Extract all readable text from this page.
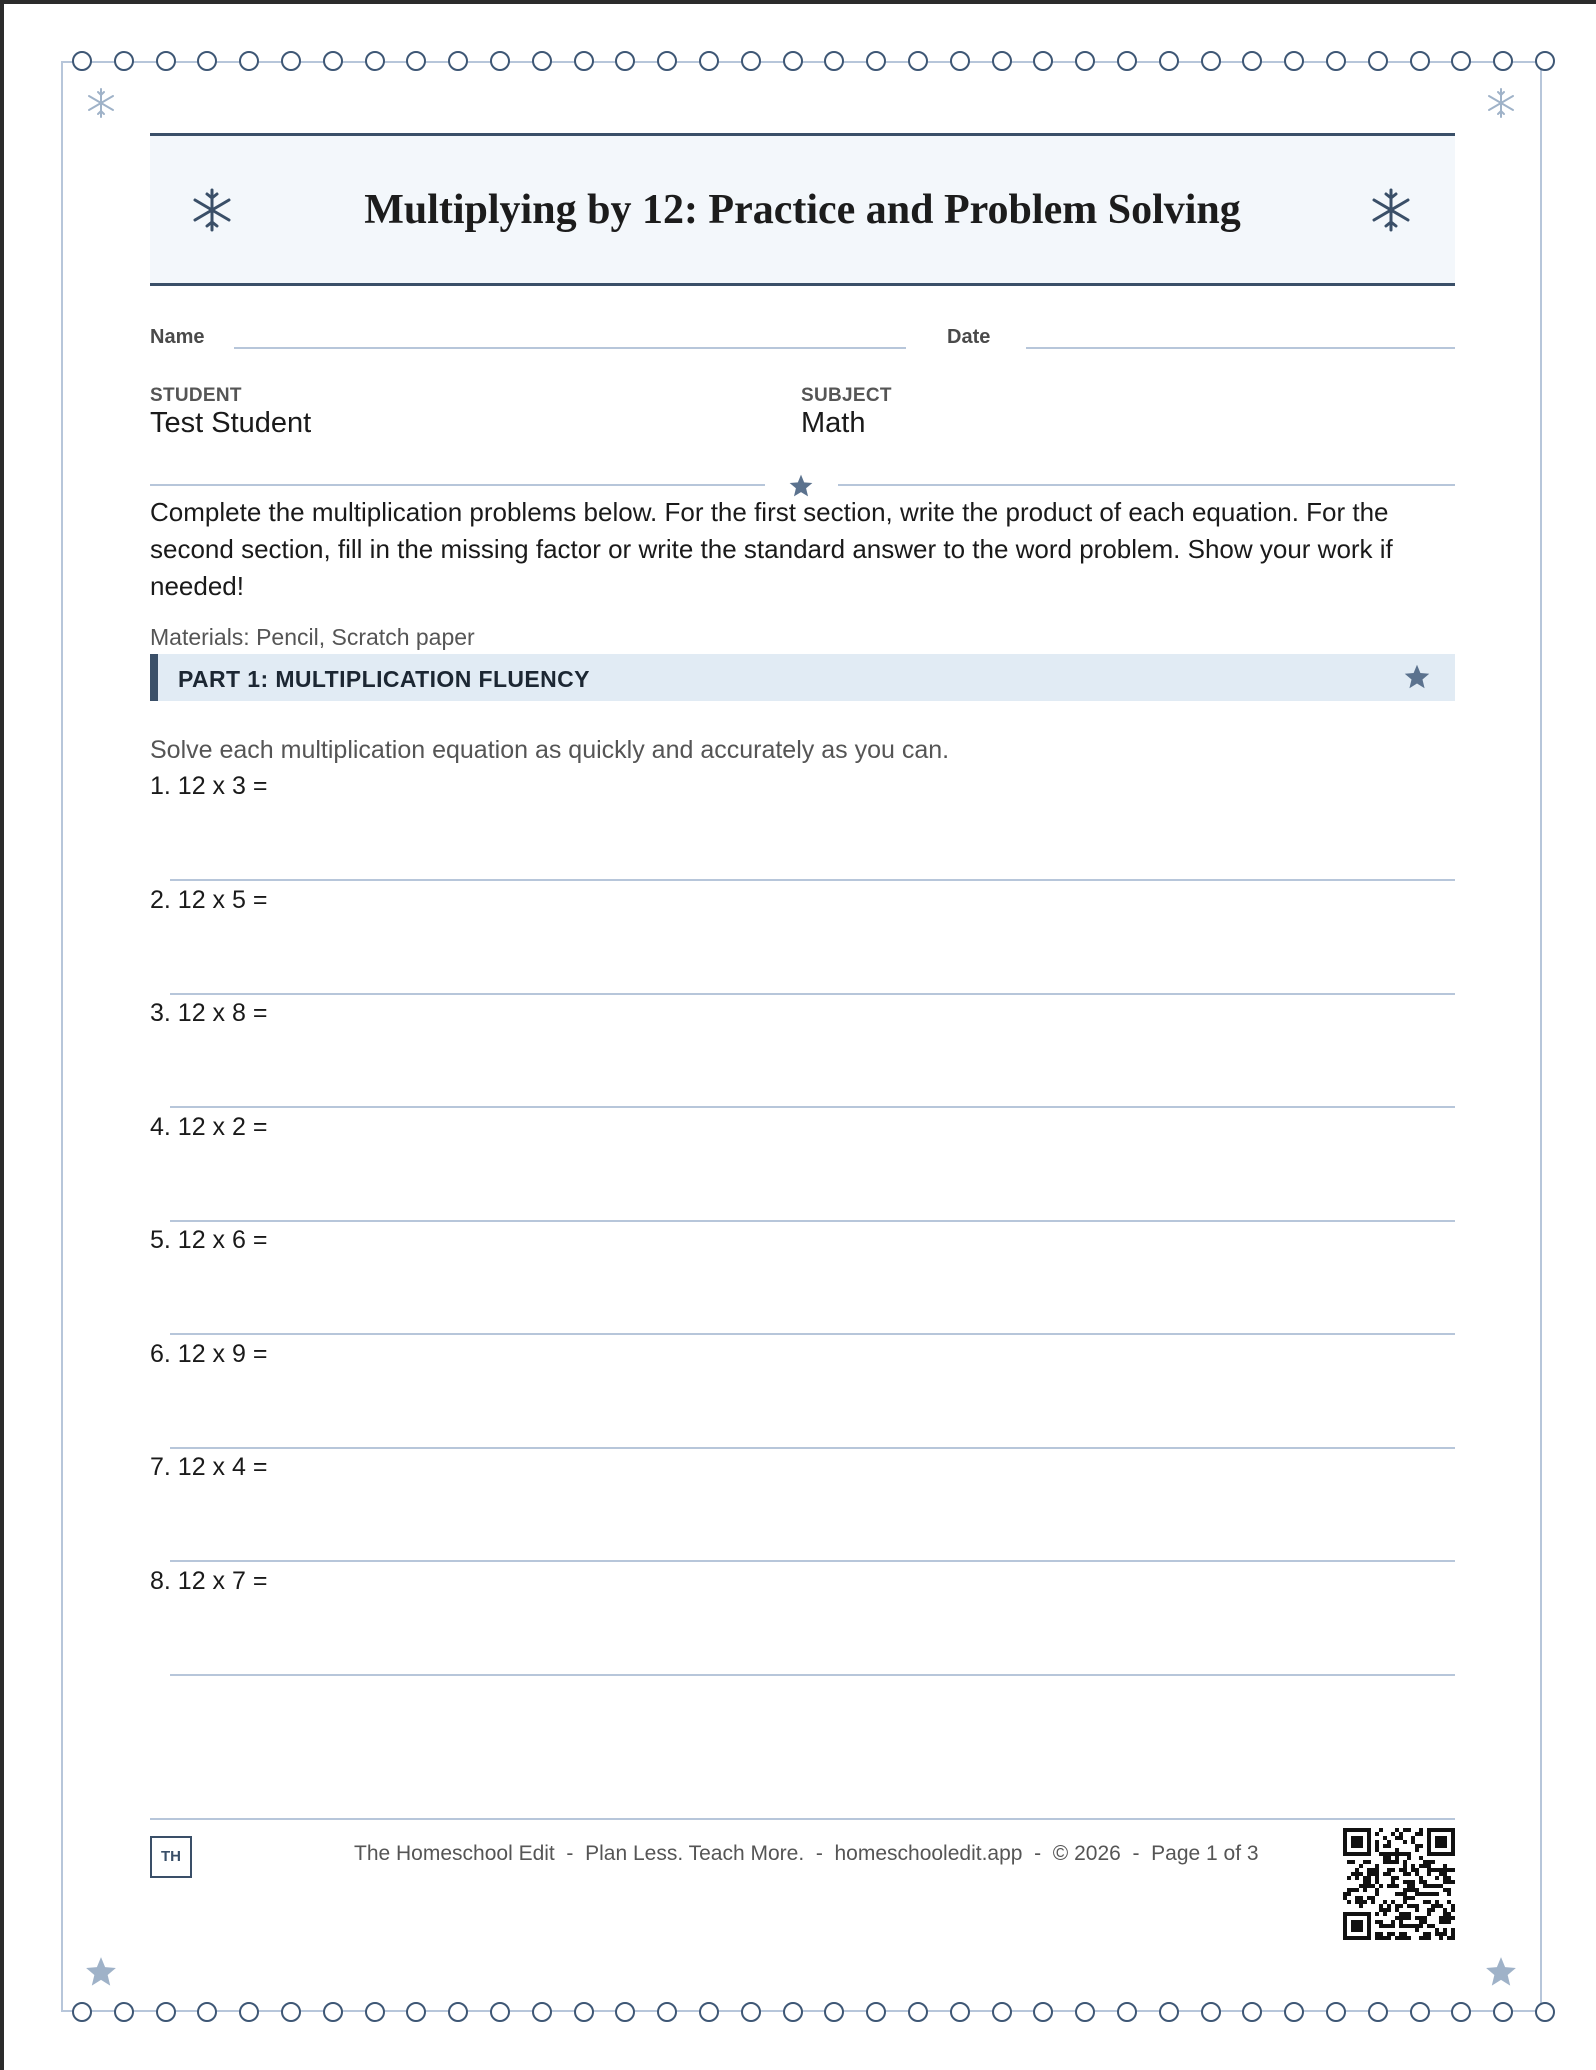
Multiplying by 12: Practice and Problem Solving
Name	Date
STUDENT
Test Student
SUBJECT
Math
Complete the multiplication problems below. For the first section, write the product of each equation. For the second section, fill in the missing factor or write the standard answer to the word problem. Show your work if needed!
Materials: Pencil, Scratch paper
PART 1: MULTIPLICATION FLUENCY
Solve each multiplication equation as quickly and accurately as you can.
1. 12 x 3 =
2. 12 x 5 =
3. 12 x 8 =
4. 12 x 2 =
5. 12 x 6 =
6. 12 x 9 =
7. 12 x 4 =
8. 12 x 7 =
TH	The Homeschool Edit  -  Plan Less. Teach More.  -  homeschooledit.app  -  © 2026  -  Page 1 of 3
